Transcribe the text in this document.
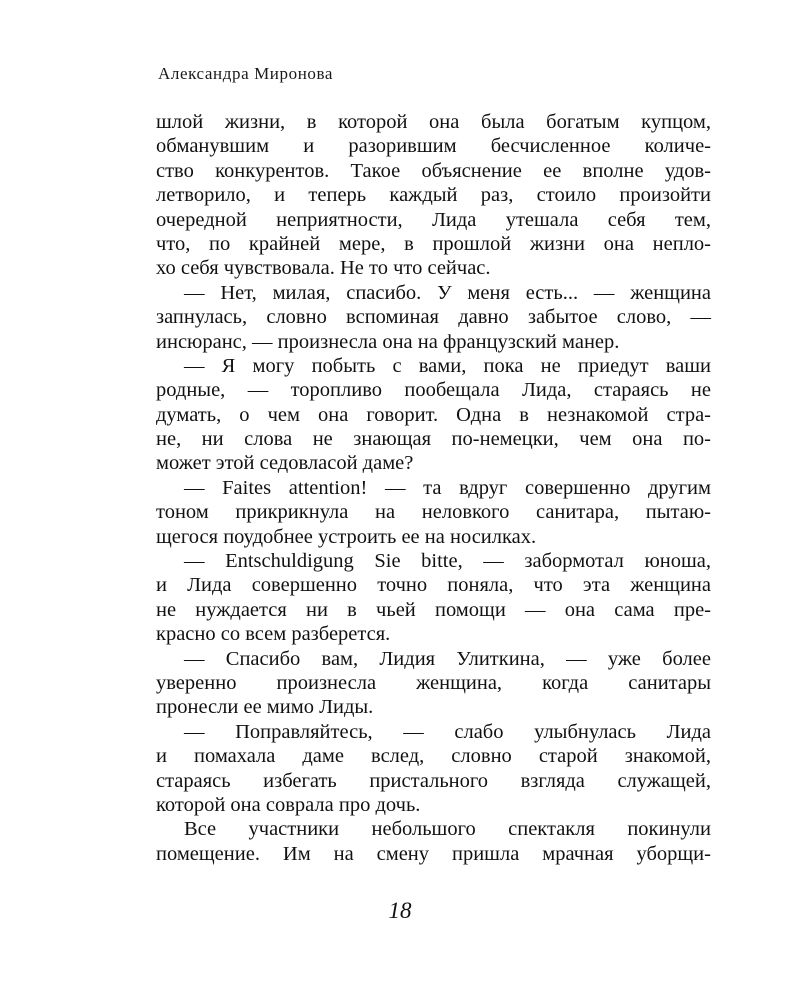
Александра Миронова
шлой жизни, в которой она была богатым купцом,
обманувшим и разорившим бесчисленное количе-
ство конкурентов. Такое объяснение ее вполне удов-
летворило, и теперь каждый раз, стоило произойти
очередной неприятности, Лида утешала себя тем,
что, по крайней мере, в прошлой жизни она непло-
хо себя чувствовала. Не то что сейчас.
— Нет, милая, спасибо. У меня есть... — женщина
запнулась, словно вспоминая давно забытое слово, —
инсюранс, — произнесла она на французский манер.
— Я могу побыть с вами, пока не приедут ваши
родные, — торопливо пообещала Лида, стараясь не
думать, о чем она говорит. Одна в незнакомой стра-
не, ни слова не знающая по-немецки, чем она по-
может этой седовласой даме?
— Faites attention! — та вдруг совершенно другим
тоном прикрикнула на неловкого санитара, пытаю-
щегося поудобнее устроить ее на носилках.
— Entschuldigung Sie bitte, — забормотал юноша,
и Лида совершенно точно поняла, что эта женщина
не нуждается ни в чьей помощи — она сама пре-
красно со всем разберется.
— Спасибо вам, Лидия Улиткина, — уже более
уверенно произнесла женщина, когда санитары
пронесли ее мимо Лиды.
— Поправляйтесь, — слабо улыбнулась Лида
и помахала даме вслед, словно старой знакомой,
стараясь избегать пристального взгляда служащей,
которой она соврала про дочь.
Все участники небольшого спектакля покинули
помещение. Им на смену пришла мрачная уборщи-
18
